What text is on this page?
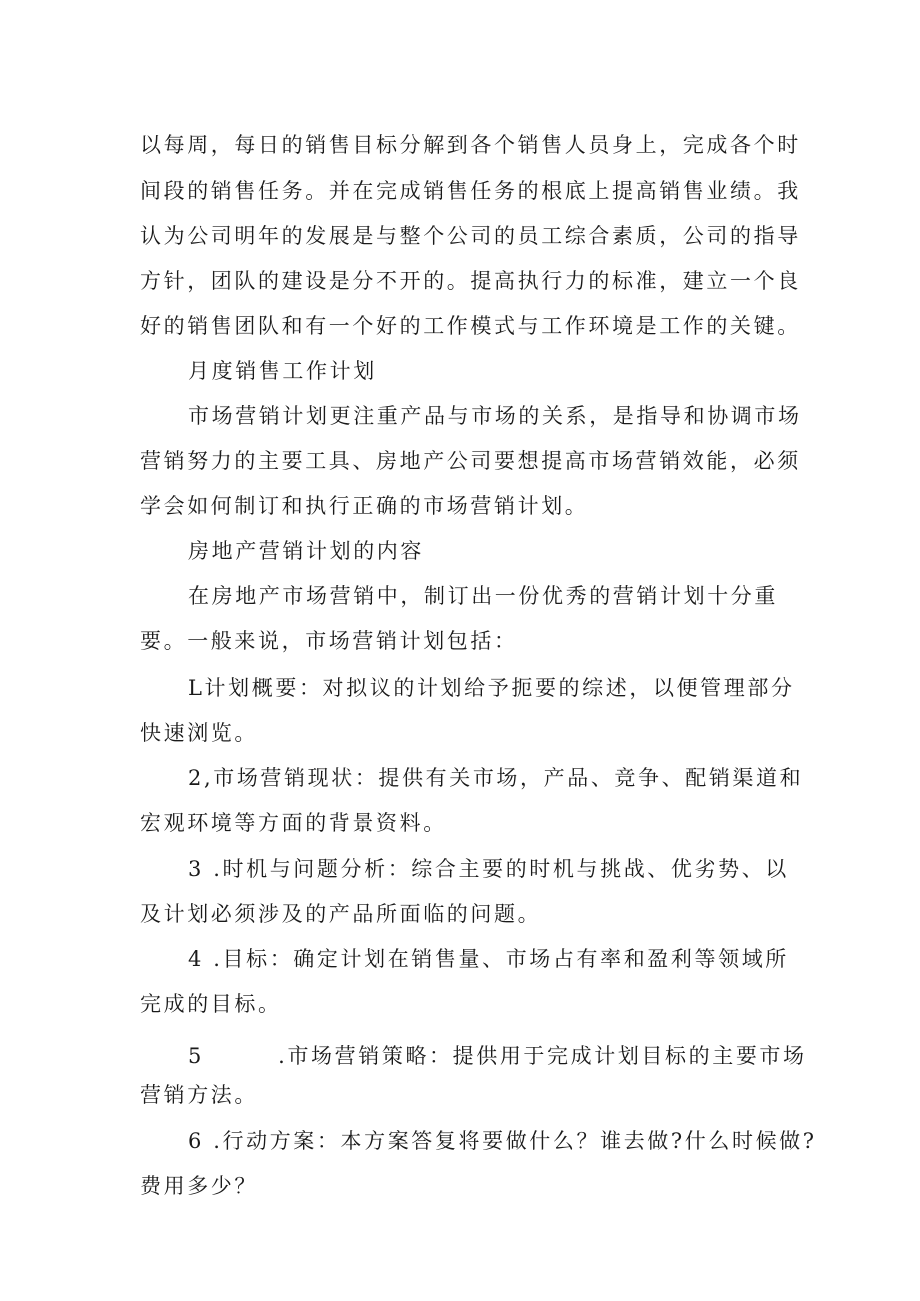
以每周，每日的销售目标分解到各个销售人员身上，完成各个时
间段的销售任务。并在完成销售任务的根底上提高销售业绩。我
认为公司明年的发展是与整个公司的员工综合素质，公司的指导
方针，团队的建设是分不开的。提高执行力的标准，建立一个良
好的销售团队和有一个好的工作模式与工作环境是工作的关键。
月度销售工作计划
市场营销计划更注重产品与市场的关系，是指导和协调市场
营销努力的主要工具、房地产公司要想提高市场营销效能，必须
学会如何制订和执行正确的市场营销计划。
房地产营销计划的内容
在房地产市场营销中，制订出一份优秀的营销计划十分重
要。一般来说，市场营销计划包括：
L计划概要：对拟议的计划给予扼要的综述，以便管理部分
快速浏览。
2,市场营销现状：提供有关市场，产品、竞争、配销渠道和
宏观环境等方面的背景资料。
3 .时机与问题分析：综合主要的时机与挑战、优劣势、以
及计划必须涉及的产品所面临的问题。
4 .目标：确定计划在销售量、市场占有率和盈利等领域所
完成的目标。
5        .市场营销策略：提供用于完成计划目标的主要市场
营销方法。
6 .行动方案：本方案答复将要做什么？谁去做?什么时候做?
费用多少？
